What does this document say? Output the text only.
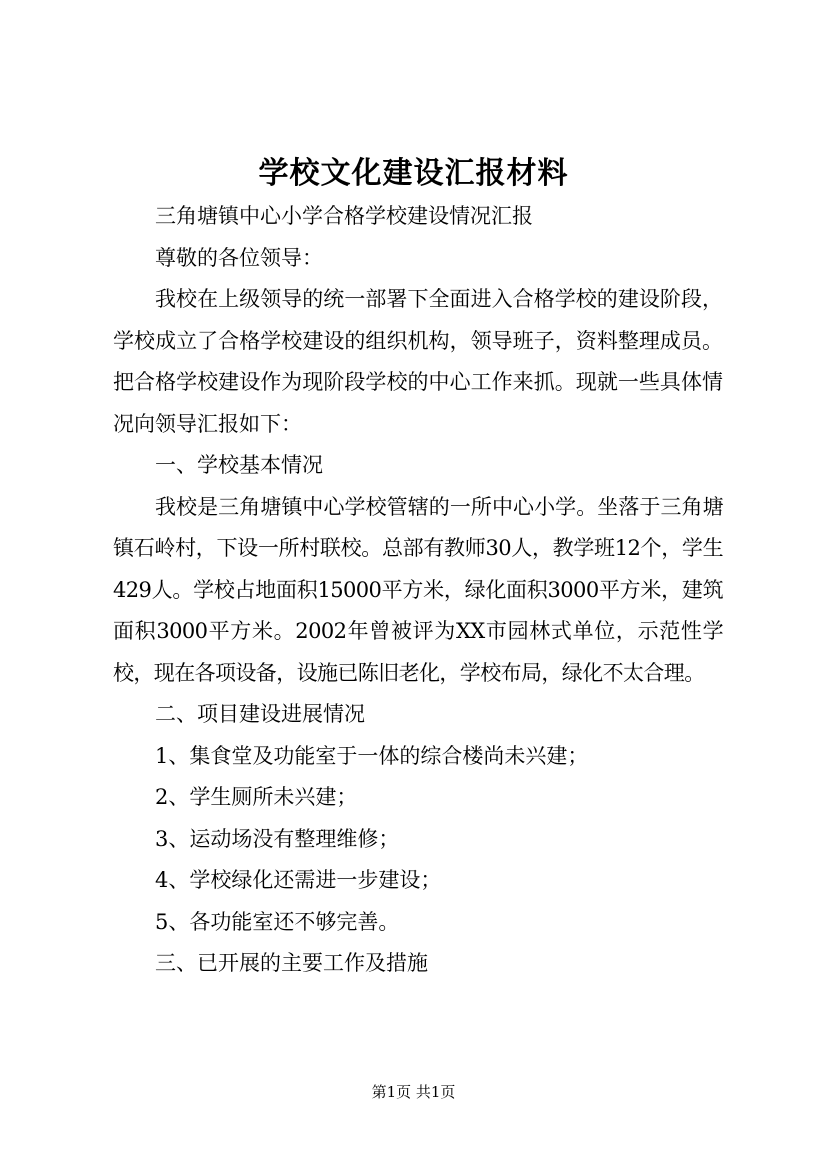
学校文化建设汇报材料

三角塘镇中心小学合格学校建设情况汇报

尊敬的各位领导：

我校在上级领导的统一部署下全面进入合格学校的建设阶段，学校成立了合格学校建设的组织机构，领导班子，资料整理成员。把合格学校建设作为现阶段学校的中心工作来抓。现就一些具体情况向领导汇报如下：

一、学校基本情况

我校是三角塘镇中心学校管辖的一所中心小学。坐落于三角塘镇石岭村，下设一所村联校。总部有教师30人，教学班12个，学生429人。学校占地面积15000平方米，绿化面积3000平方米，建筑面积3000平方米。2002年曾被评为XX市园林式单位，示范性学校，现在各项设备，设施已陈旧老化，学校布局，绿化不太合理。

二、项目建设进展情况

1、集食堂及功能室于一体的综合楼尚未兴建；

2、学生厕所未兴建；

3、运动场没有整理维修；

4、学校绿化还需进一步建设；

5、各功能室还不够完善。

三、已开展的主要工作及措施

第1页 共1页
